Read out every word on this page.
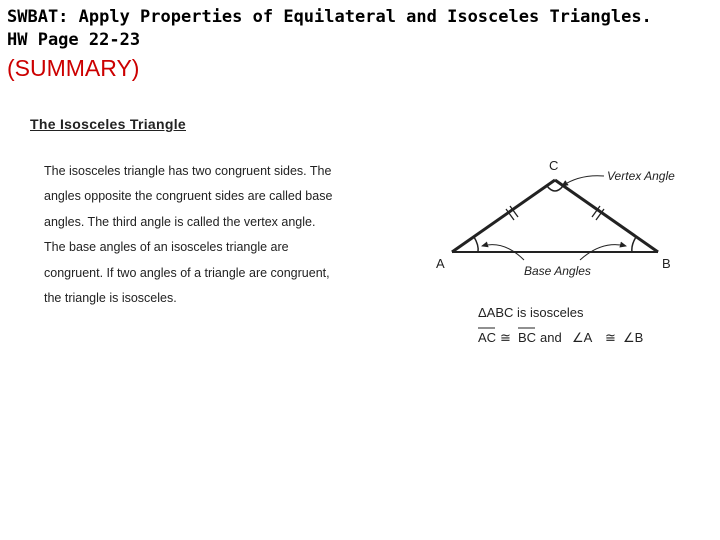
SWBAT: Apply Properties of Equilateral and Isosceles Triangles.
HW Page 22-23
(SUMMARY)
The Isosceles Triangle
The isosceles triangle has two congruent sides. The
angles opposite the congruent sides are called base
angles. The third angle is called the vertex angle.
The base angles of an isosceles triangle are
congruent. If two angles of a triangle are congruent,
the triangle is isosceles.
C
A	B
Vertex Angle
Base Angles
ΔABC is isosceles
AC ≅ BC and ∠A ≅ ∠B
